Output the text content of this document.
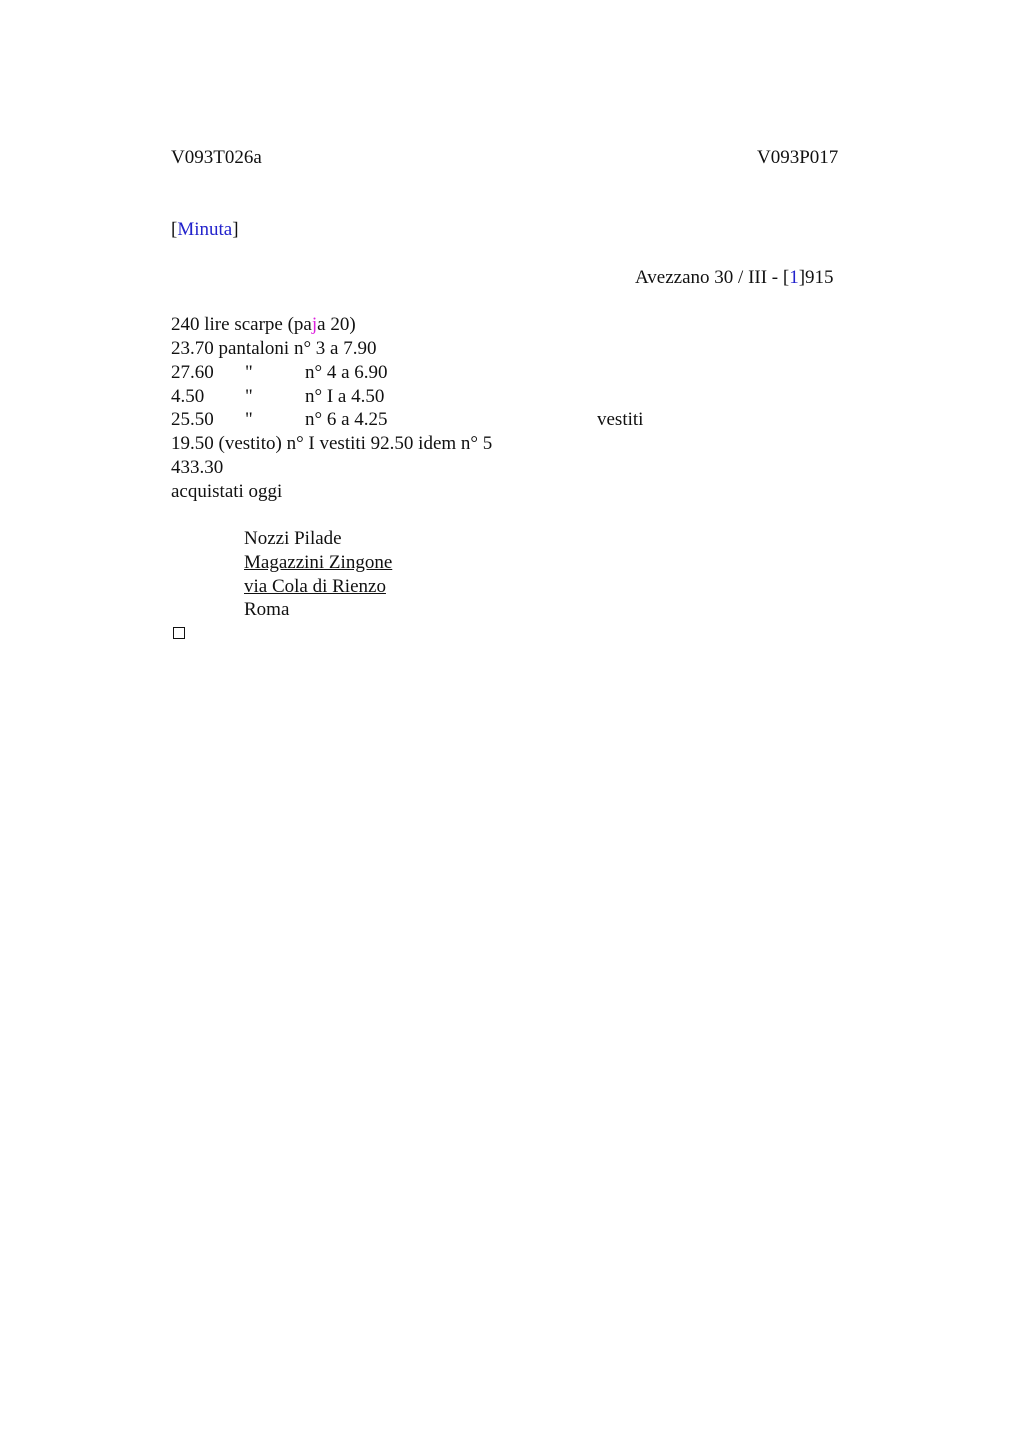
V093T026a	V093P017
[Minuta]
Avezzano 30 / III - [1]915
240 lire scarpe (paja 20)
23.70 pantaloni n° 3 a 7.90
27.60 "	n° 4 a 6.90
4.50 "	n° I a 4.50
25.50 "	n° 6 a 4.25	vestiti
19.50 (vestito) n° I vestiti 92.50 idem n° 5
433.30
acquistati oggi
Nozzi Pilade
Magazzini Zingone
via Cola di Rienzo
Roma
